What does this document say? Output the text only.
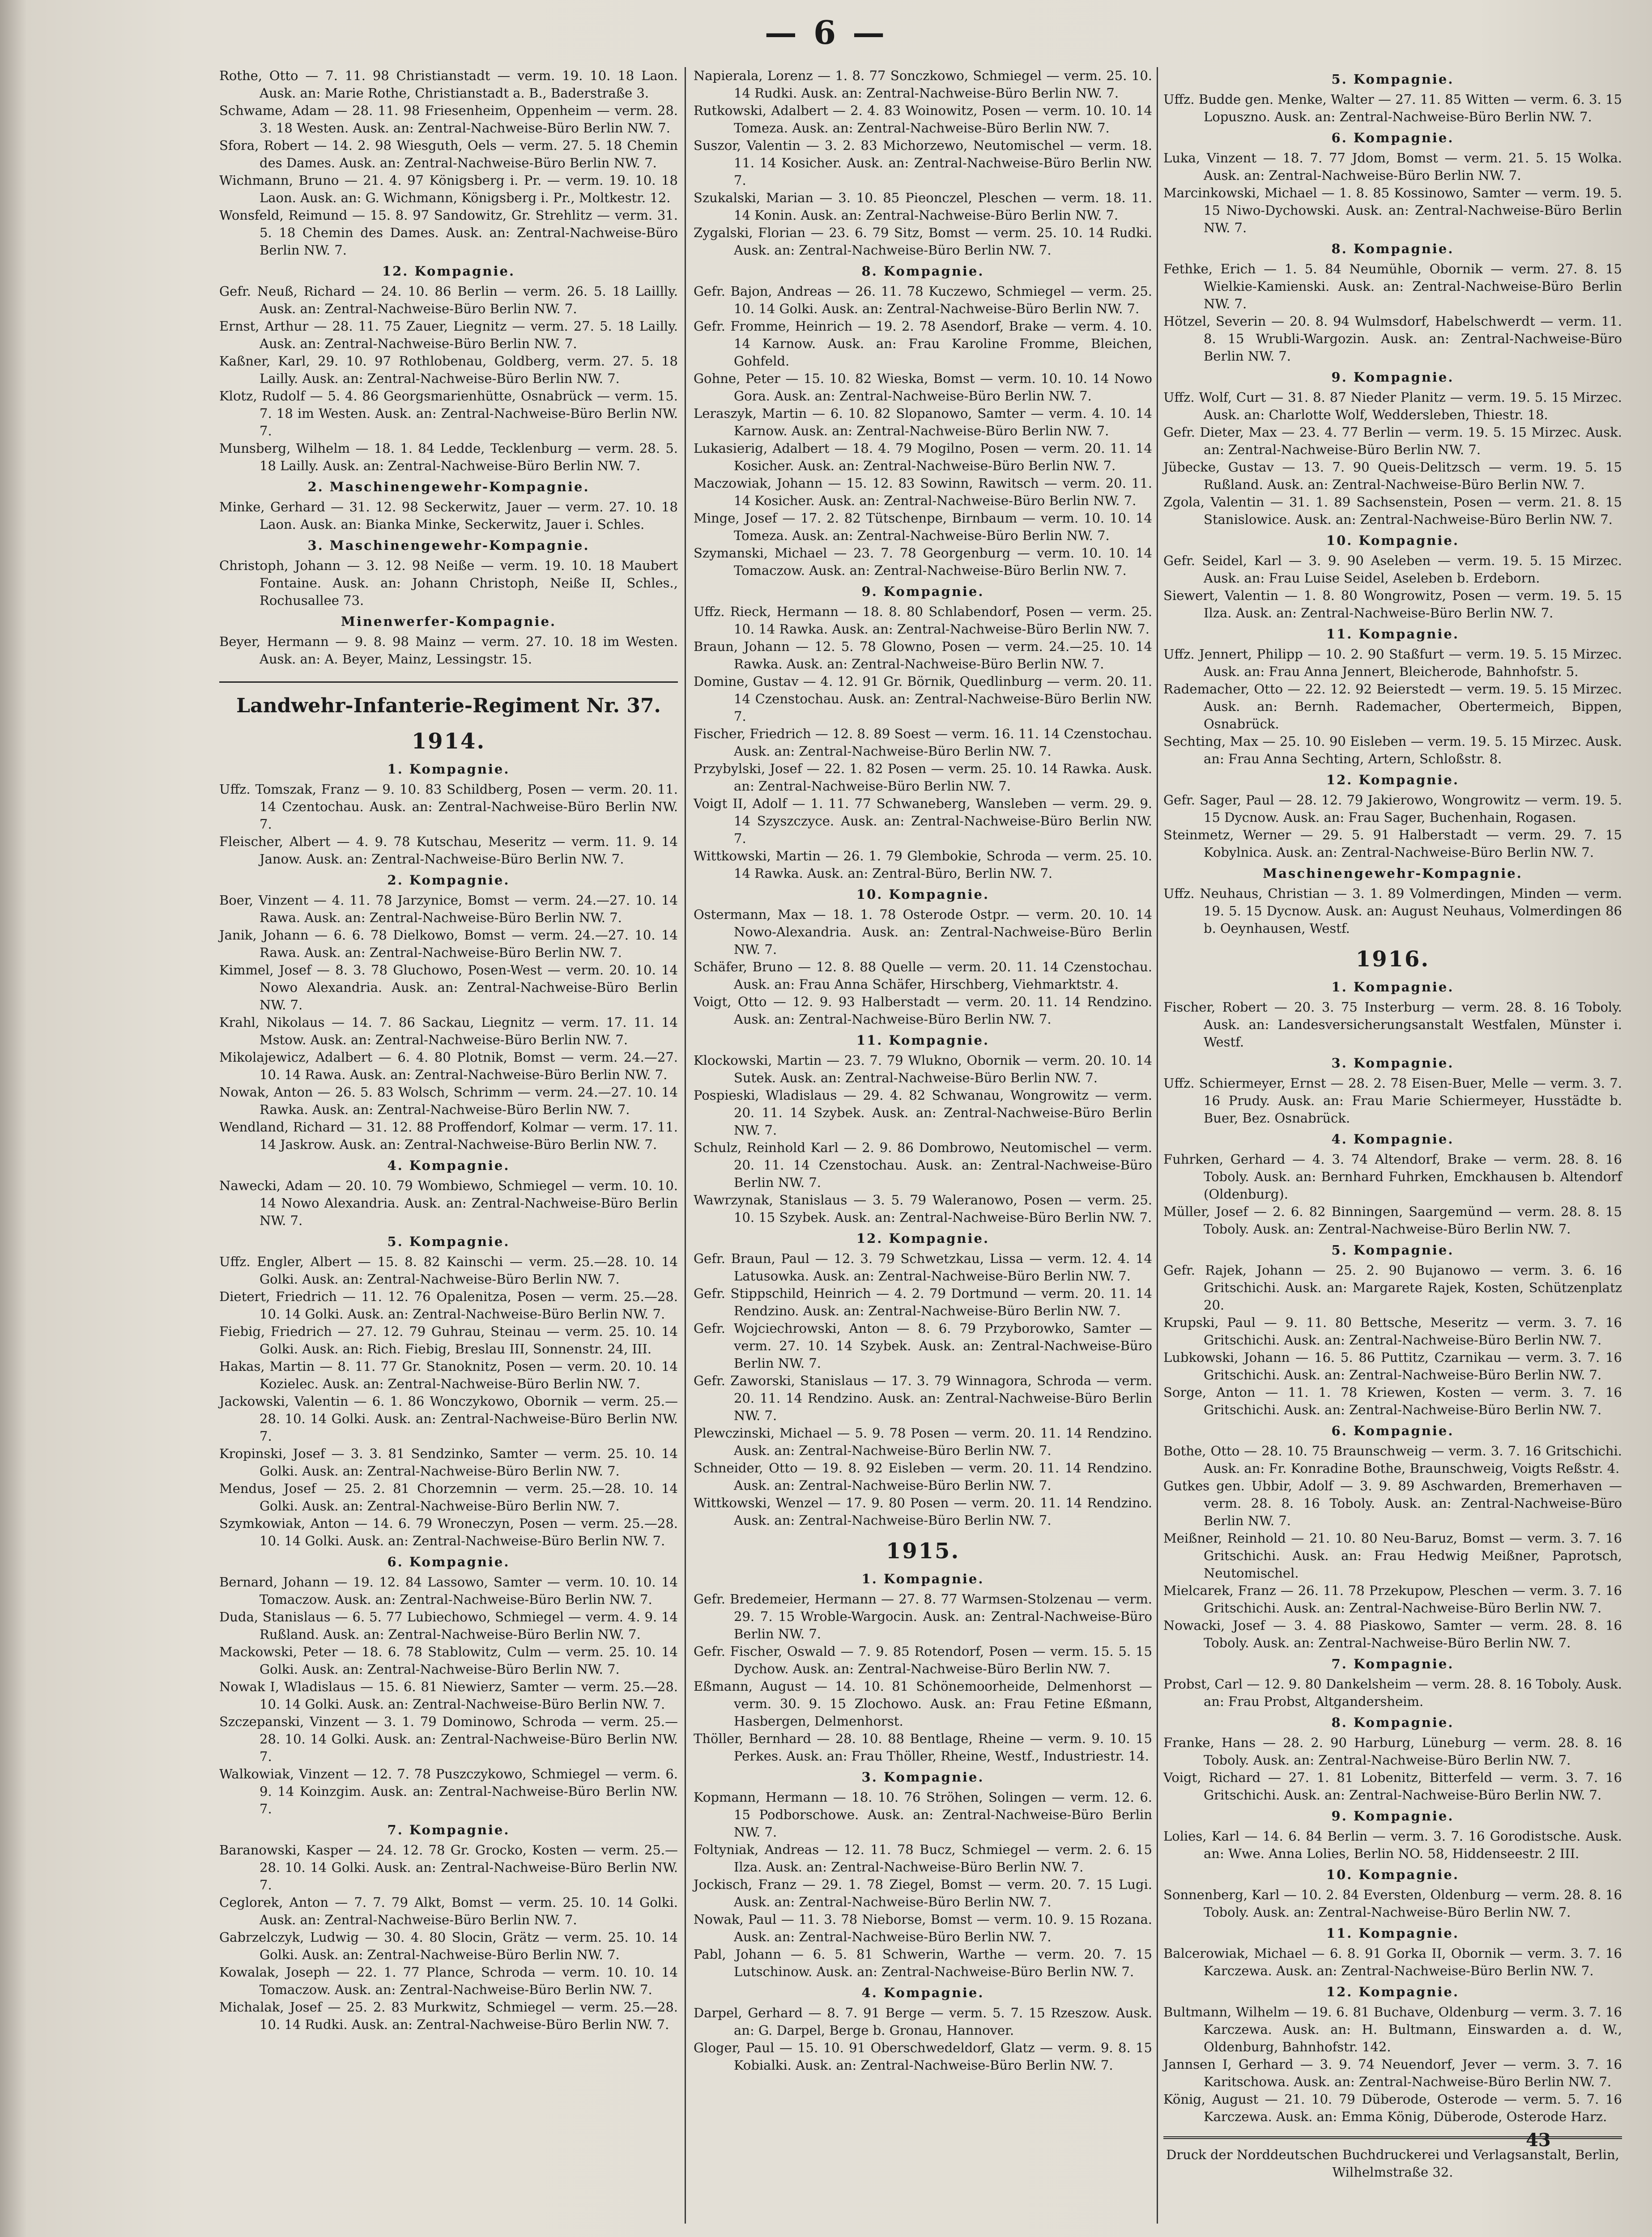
— 6 —

Rothe, Otto — 7. 11. 98 Christianstadt — verm. 19. 10. 18 Laon. Ausk. an: Marie Rothe, Christianstadt a. B., Baderstraße 3.

Schwame, Adam — 28. 11. 98 Friesenheim, Oppenheim — verm. 28. 3. 18 Westen. Ausk. an: Zentral-Nachweise-Büro Berlin NW. 7.

Sfora, Robert — 14. 2. 98 Wiesguth, Oels — verm. 27. 5. 18 Chemin des Dames. Ausk. an: Zentral-Nachweise-Büro Berlin NW. 7.

Wichmann, Bruno — 21. 4. 97 Königsberg i. Pr. — verm. 19. 10. 18 Laon. Ausk. an: G. Wichmann, Königsberg i. Pr., Moltkestr. 12.

Wonsfeld, Reimund — 15. 8. 97 Sandowitz, Gr. Strehlitz — verm. 31. 5. 18 Chemin des Dames. Ausk. an: Zentral-Nachweise-Büro Berlin NW. 7.

12. Kompagnie.

Gefr. Neuß, Richard — 24. 10. 86 Berlin — verm. 26. 5. 18 Laillly. Ausk. an: Zentral-Nachweise-Büro Berlin NW. 7.

Ernst, Arthur — 28. 11. 75 Zauer, Liegnitz — verm. 27. 5. 18 Lailly. Ausk. an: Zentral-Nachweise-Büro Berlin NW. 7.

Kaßner, Karl, 29. 10. 97 Rothlobenau, Goldberg, verm. 27. 5. 18 Lailly. Ausk. an: Zentral-Nachweise-Büro Berlin NW. 7.

Klotz, Rudolf — 5. 4. 86 Georgsmarienhütte, Osnabrück — verm. 15. 7. 18 im Westen. Ausk. an: Zentral-Nachweise-Büro Berlin NW. 7.

Munsberg, Wilhelm — 18. 1. 84 Ledde, Tecklenburg — verm. 28. 5. 18 Lailly. Ausk. an: Zentral-Nachweise-Büro Berlin NW. 7.

2. Maschinengewehr-Kompagnie.

Minke, Gerhard — 31. 12. 98 Seckerwitz, Jauer — verm. 27. 10. 18 Laon. Ausk. an: Bianka Minke, Seckerwitz, Jauer i. Schles.

3. Maschinengewehr-Kompagnie.

Christoph, Johann — 3. 12. 98 Neiße — verm. 19. 10. 18 Maubert Fontaine. Ausk. an: Johann Christoph, Neiße II, Schles., Rochusallee 73.

Minenwerfer-Kompagnie.

Beyer, Hermann — 9. 8. 98 Mainz — verm. 27. 10. 18 im Westen. Ausk. an: A. Beyer, Mainz, Lessingstr. 15.

Landwehr-Infanterie-Regiment Nr. 37.

1914.

1. Kompagnie.

Uffz. Tomszak, Franz — 9. 10. 83 Schildberg, Posen — verm. 20. 11. 14 Czentochau. Ausk. an: Zentral-Nachweise-Büro Berlin NW. 7.

Fleischer, Albert — 4. 9. 78 Kutschau, Meseritz — verm. 11. 9. 14 Janow. Ausk. an: Zentral-Nachweise-Büro Berlin NW. 7.

2. Kompagnie.

Boer, Vinzent — 4. 11. 78 Jarzynice, Bomst — verm. 24.—27. 10. 14 Rawa. Ausk. an: Zentral-Nachweise-Büro Berlin NW. 7.

Janik, Johann — 6. 6. 78 Dielkowo, Bomst — verm. 24.—27. 10. 14 Rawa. Ausk. an: Zentral-Nachweise-Büro Berlin NW. 7.

Kimmel, Josef — 8. 3. 78 Gluchowo, Posen-West — verm. 20. 10. 14 Nowo Alexandria. Ausk. an: Zentral-Nachweise-Büro Berlin NW. 7.

Krahl, Nikolaus — 14. 7. 86 Sackau, Liegnitz — verm. 17. 11. 14 Mstow. Ausk. an: Zentral-Nachweise-Büro Berlin NW. 7.

Mikolajewicz, Adalbert — 6. 4. 80 Plotnik, Bomst — verm. 24.—27. 10. 14 Rawa. Ausk. an: Zentral-Nachweise-Büro Berlin NW. 7.

Nowak, Anton — 26. 5. 83 Wolsch, Schrimm — verm. 24.—27. 10. 14 Rawka. Ausk. an: Zentral-Nachweise-Büro Berlin NW. 7.

Wendland, Richard — 31. 12. 88 Proffendorf, Kolmar — verm. 17. 11. 14 Jaskrow. Ausk. an: Zentral-Nachweise-Büro Berlin NW. 7.

4. Kompagnie.

Nawecki, Adam — 20. 10. 79 Wombiewo, Schmiegel — verm. 10. 10. 14 Nowo Alexandria. Ausk. an: Zentral-Nachweise-Büro Berlin NW. 7.

5. Kompagnie.

Uffz. Engler, Albert — 15. 8. 82 Kainschi — verm. 25.—28. 10. 14 Golki. Ausk. an: Zentral-Nachweise-Büro Berlin NW. 7.

Dietert, Friedrich — 11. 12. 76 Opalenitza, Posen — verm. 25.—28. 10. 14 Golki. Ausk. an: Zentral-Nachweise-Büro Berlin NW. 7.

Fiebig, Friedrich — 27. 12. 79 Guhrau, Steinau — verm. 25. 10. 14 Golki. Ausk. an: Rich. Fiebig, Breslau III, Sonnenstr. 24, III.

Hakas, Martin — 8. 11. 77 Gr. Stanoknitz, Posen — verm. 20. 10. 14 Kozielec. Ausk. an: Zentral-Nachweise-Büro Berlin NW. 7.

Jackowski, Valentin — 6. 1. 86 Wonczykowo, Obornik — verm. 25.—28. 10. 14 Golki. Ausk. an: Zentral-Nachweise-Büro Berlin NW. 7.

Kropinski, Josef — 3. 3. 81 Sendzinko, Samter — verm. 25. 10. 14 Golki. Ausk. an: Zentral-Nachweise-Büro Berlin NW. 7.

Mendus, Josef — 25. 2. 81 Chorzemnin — verm. 25.—28. 10. 14 Golki. Ausk. an: Zentral-Nachweise-Büro Berlin NW. 7.

Szymkowiak, Anton — 14. 6. 79 Wroneczyn, Posen — verm. 25.—28. 10. 14 Golki. Ausk. an: Zentral-Nachweise-Büro Berlin NW. 7.

6. Kompagnie.

Bernard, Johann — 19. 12. 84 Lassowo, Samter — verm. 10. 10. 14 Tomaczow. Ausk. an: Zentral-Nachweise-Büro Berlin NW. 7.

Duda, Stanislaus — 6. 5. 77 Lubiechowo, Schmiegel — verm. 4. 9. 14 Rußland. Ausk. an: Zentral-Nachweise-Büro Berlin NW. 7.

Mackowski, Peter — 18. 6. 78 Stablowitz, Culm — verm. 25. 10. 14 Golki. Ausk. an: Zentral-Nachweise-Büro Berlin NW. 7.

Nowak I, Wladislaus — 15. 6. 81 Niewierz, Samter — verm. 25.—28. 10. 14 Golki. Ausk. an: Zentral-Nachweise-Büro Berlin NW. 7.

Szczepanski, Vinzent — 3. 1. 79 Dominowo, Schroda — verm. 25.—28. 10. 14 Golki. Ausk. an: Zentral-Nachweise-Büro Berlin NW. 7.

Walkowiak, Vinzent — 12. 7. 78 Puszczykowo, Schmiegel — verm. 6. 9. 14 Koinzgim. Ausk. an: Zentral-Nachweise-Büro Berlin NW. 7.

7. Kompagnie.

Baranowski, Kasper — 24. 12. 78 Gr. Grocko, Kosten — verm. 25.—28. 10. 14 Golki. Ausk. an: Zentral-Nachweise-Büro Berlin NW. 7.

Ceglorek, Anton — 7. 7. 79 Alkt, Bomst — verm. 25. 10. 14 Golki. Ausk. an: Zentral-Nachweise-Büro Berlin NW. 7.

Gabrzelczyk, Ludwig — 30. 4. 80 Slocin, Grätz — verm. 25. 10. 14 Golki. Ausk. an: Zentral-Nachweise-Büro Berlin NW. 7.

Kowalak, Joseph — 22. 1. 77 Plance, Schroda — verm. 10. 10. 14 Tomaczow. Ausk. an: Zentral-Nachweise-Büro Berlin NW. 7.

Michalak, Josef — 25. 2. 83 Murkwitz, Schmiegel — verm. 25.—28. 10. 14 Rudki. Ausk. an: Zentral-Nachweise-Büro Berlin NW. 7.

Napierala, Lorenz — 1. 8. 77 Sonczkowo, Schmiegel — verm. 25. 10. 14 Rudki. Ausk. an: Zentral-Nachweise-Büro Berlin NW. 7.

Rutkowski, Adalbert — 2. 4. 83 Woinowitz, Posen — verm. 10. 10. 14 Tomeza. Ausk. an: Zentral-Nachweise-Büro Berlin NW. 7.

Suszor, Valentin — 3. 2. 83 Michorzewo, Neutomischel — verm. 18. 11. 14 Kosicher. Ausk. an: Zentral-Nachweise-Büro Berlin NW. 7.

Szukalski, Marian — 3. 10. 85 Pieonczel, Pleschen — verm. 18. 11. 14 Konin. Ausk. an: Zentral-Nachweise-Büro Berlin NW. 7.

Zygalski, Florian — 23. 6. 79 Sitz, Bomst — verm. 25. 10. 14 Rudki. Ausk. an: Zentral-Nachweise-Büro Berlin NW. 7.

8. Kompagnie.

Gefr. Bajon, Andreas — 26. 11. 78 Kuczewo, Schmiegel — verm. 25. 10. 14 Golki. Ausk. an: Zentral-Nachweise-Büro Berlin NW. 7.

Gefr. Fromme, Heinrich — 19. 2. 78 Asendorf, Brake — verm. 4. 10. 14 Karnow. Ausk. an: Frau Karoline Fromme, Bleichen, Gohfeld.

Gohne, Peter — 15. 10. 82 Wieska, Bomst — verm. 10. 10. 14 Nowo Gora. Ausk. an: Zentral-Nachweise-Büro Berlin NW. 7.

Leraszyk, Martin — 6. 10. 82 Slopanowo, Samter — verm. 4. 10. 14 Karnow. Ausk. an: Zentral-Nachweise-Büro Berlin NW. 7.

Lukasierig, Adalbert — 18. 4. 79 Mogilno, Posen — verm. 20. 11. 14 Kosicher. Ausk. an: Zentral-Nachweise-Büro Berlin NW. 7.

Maczowiak, Johann — 15. 12. 83 Sowinn, Rawitsch — verm. 20. 11. 14 Kosicher. Ausk. an: Zentral-Nachweise-Büro Berlin NW. 7.

Minge, Josef — 17. 2. 82 Tütschenpe, Birnbaum — verm. 10. 10. 14 Tomeza. Ausk. an: Zentral-Nachweise-Büro Berlin NW. 7.

Szymanski, Michael — 23. 7. 78 Georgenburg — verm. 10. 10. 14 Tomaczow. Ausk. an: Zentral-Nachweise-Büro Berlin NW. 7.

9. Kompagnie.

Uffz. Rieck, Hermann — 18. 8. 80 Schlabendorf, Posen — verm. 25. 10. 14 Rawka. Ausk. an: Zentral-Nachweise-Büro Berlin NW. 7.

Braun, Johann — 12. 5. 78 Glowno, Posen — verm. 24.—25. 10. 14 Rawka. Ausk. an: Zentral-Nachweise-Büro Berlin NW. 7.

Domine, Gustav — 4. 12. 91 Gr. Börnik, Quedlinburg — verm. 20. 11. 14 Czenstochau. Ausk. an: Zentral-Nachweise-Büro Berlin NW. 7.

Fischer, Friedrich — 12. 8. 89 Soest — verm. 16. 11. 14 Czenstochau. Ausk. an: Zentral-Nachweise-Büro Berlin NW. 7.

Przybylski, Josef — 22. 1. 82 Posen — verm. 25. 10. 14 Rawka. Ausk. an: Zentral-Nachweise-Büro Berlin NW. 7.

Voigt II, Adolf — 1. 11. 77 Schwaneberg, Wansleben — verm. 29. 9. 14 Szyszczyce. Ausk. an: Zentral-Nachweise-Büro Berlin NW. 7.

Wittkowski, Martin — 26. 1. 79 Glembokie, Schroda — verm. 25. 10. 14 Rawka. Ausk. an: Zentral-Büro, Berlin NW. 7.

10. Kompagnie.

Ostermann, Max — 18. 1. 78 Osterode Ostpr. — verm. 20. 10. 14 Nowo-Alexandria. Ausk. an: Zentral-Nachweise-Büro Berlin NW. 7.

Schäfer, Bruno — 12. 8. 88 Quelle — verm. 20. 11. 14 Czenstochau. Ausk. an: Frau Anna Schäfer, Hirschberg, Viehmarktstr. 4.

Voigt, Otto — 12. 9. 93 Halberstadt — verm. 20. 11. 14 Rendzino. Ausk. an: Zentral-Nachweise-Büro Berlin NW. 7.

11. Kompagnie.

Klockowski, Martin — 23. 7. 79 Wlukno, Obornik — verm. 20. 10. 14 Sutek. Ausk. an: Zentral-Nachweise-Büro Berlin NW. 7.

Pospieski, Wladislaus — 29. 4. 82 Schwanau, Wongrowitz — verm. 20. 11. 14 Szybek. Ausk. an: Zentral-Nachweise-Büro Berlin NW. 7.

Schulz, Reinhold Karl — 2. 9. 86 Dombrowo, Neutomischel — verm. 20. 11. 14 Czenstochau. Ausk. an: Zentral-Nachweise-Büro Berlin NW. 7.

Wawrzynak, Stanislaus — 3. 5. 79 Waleranowo, Posen — verm. 25. 10. 15 Szybek. Ausk. an: Zentral-Nachweise-Büro Berlin NW. 7.

12. Kompagnie.

Gefr. Braun, Paul — 12. 3. 79 Schwetzkau, Lissa — verm. 12. 4. 14 Latusowka. Ausk. an: Zentral-Nachweise-Büro Berlin NW. 7.

Gefr. Stippschild, Heinrich — 4. 2. 79 Dortmund — verm. 20. 11. 14 Rendzino. Ausk. an: Zentral-Nachweise-Büro Berlin NW. 7.

Gefr. Wojciechrowski, Anton — 8. 6. 79 Przyborowko, Samter — verm. 27. 10. 14 Szybek. Ausk. an: Zentral-Nachweise-Büro Berlin NW. 7.

Gefr. Zaworski, Stanislaus — 17. 3. 79 Winnagora, Schroda — verm. 20. 11. 14 Rendzino. Ausk. an: Zentral-Nachweise-Büro Berlin NW. 7.

Plewczinski, Michael — 5. 9. 78 Posen — verm. 20. 11. 14 Rendzino. Ausk. an: Zentral-Nachweise-Büro Berlin NW. 7.

Schneider, Otto — 19. 8. 92 Eisleben — verm. 20. 11. 14 Rendzino. Ausk. an: Zentral-Nachweise-Büro Berlin NW. 7.

Wittkowski, Wenzel — 17. 9. 80 Posen — verm. 20. 11. 14 Rendzino. Ausk. an: Zentral-Nachweise-Büro Berlin NW. 7.

1915.

1. Kompagnie.

Gefr. Bredemeier, Hermann — 27. 8. 77 Warmsen-Stolzenau — verm. 29. 7. 15 Wroble-Wargocin. Ausk. an: Zentral-Nachweise-Büro Berlin NW. 7.

Gefr. Fischer, Oswald — 7. 9. 85 Rotendorf, Posen — verm. 15. 5. 15 Dychow. Ausk. an: Zentral-Nachweise-Büro Berlin NW. 7.

Eßmann, August — 14. 10. 81 Schönemoorheide, Delmenhorst — verm. 30. 9. 15 Zlochowo. Ausk. an: Frau Fetine Eßmann, Hasbergen, Delmenhorst.

Thöller, Bernhard — 28. 10. 88 Bentlage, Rheine — verm. 9. 10. 15 Perkes. Ausk. an: Frau Thöller, Rheine, Westf., Industriestr. 14.

3. Kompagnie.

Kopmann, Hermann — 18. 10. 76 Ströhen, Solingen — verm. 12. 6. 15 Podborschowe. Ausk. an: Zentral-Nachweise-Büro Berlin NW. 7.

Foltyniak, Andreas — 12. 11. 78 Bucz, Schmiegel — verm. 2. 6. 15 Ilza. Ausk. an: Zentral-Nachweise-Büro Berlin NW. 7.

Jockisch, Franz — 29. 1. 78 Ziegel, Bomst — verm. 20. 7. 15 Lugi. Ausk. an: Zentral-Nachweise-Büro Berlin NW. 7.

Nowak, Paul — 11. 3. 78 Nieborse, Bomst — verm. 10. 9. 15 Rozana. Ausk. an: Zentral-Nachweise-Büro Berlin NW. 7.

Pabl, Johann — 6. 5. 81 Schwerin, Warthe — verm. 20. 7. 15 Lutschinow. Ausk. an: Zentral-Nachweise-Büro Berlin NW. 7.

4. Kompagnie.

Darpel, Gerhard — 8. 7. 91 Berge — verm. 5. 7. 15 Rzeszow. Ausk. an: G. Darpel, Berge b. Gronau, Hannover.

Gloger, Paul — 15. 10. 91 Oberschwedeldorf, Glatz — verm. 9. 8. 15 Kobialki. Ausk. an: Zentral-Nachweise-Büro Berlin NW. 7.

5. Kompagnie.

Uffz. Budde gen. Menke, Walter — 27. 11. 85 Witten — verm. 6. 3. 15 Lopuszno. Ausk. an: Zentral-Nachweise-Büro Berlin NW. 7.

6. Kompagnie.

Luka, Vinzent — 18. 7. 77 Jdom, Bomst — verm. 21. 5. 15 Wolka. Ausk. an: Zentral-Nachweise-Büro Berlin NW. 7.

Marcinkowski, Michael — 1. 8. 85 Kossinowo, Samter — verm. 19. 5. 15 Niwo-Dychowski. Ausk. an: Zentral-Nachweise-Büro Berlin NW. 7.

8. Kompagnie.

Fethke, Erich — 1. 5. 84 Neumühle, Obornik — verm. 27. 8. 15 Wielkie-Kamienski. Ausk. an: Zentral-Nachweise-Büro Berlin NW. 7.

Hötzel, Severin — 20. 8. 94 Wulmsdorf, Habelschwerdt — verm. 11. 8. 15 Wrubli-Wargozin. Ausk. an: Zentral-Nachweise-Büro Berlin NW. 7.

9. Kompagnie.

Uffz. Wolf, Curt — 31. 8. 87 Nieder Planitz — verm. 19. 5. 15 Mirzec. Ausk. an: Charlotte Wolf, Weddersleben, Thiestr. 18.

Gefr. Dieter, Max — 23. 4. 77 Berlin — verm. 19. 5. 15 Mirzec. Ausk. an: Zentral-Nachweise-Büro Berlin NW. 7.

Jübecke, Gustav — 13. 7. 90 Queis-Delitzsch — verm. 19. 5. 15 Rußland. Ausk. an: Zentral-Nachweise-Büro Berlin NW. 7.

Zgola, Valentin — 31. 1. 89 Sachsenstein, Posen — verm. 21. 8. 15 Stanislowice. Ausk. an: Zentral-Nachweise-Büro Berlin NW. 7.

10. Kompagnie.

Gefr. Seidel, Karl — 3. 9. 90 Aseleben — verm. 19. 5. 15 Mirzec. Ausk. an: Frau Luise Seidel, Aseleben b. Erdeborn.

Siewert, Valentin — 1. 8. 80 Wongrowitz, Posen — verm. 19. 5. 15 Ilza. Ausk. an: Zentral-Nachweise-Büro Berlin NW. 7.

11. Kompagnie.

Uffz. Jennert, Philipp — 10. 2. 90 Staßfurt — verm. 19. 5. 15 Mirzec. Ausk. an: Frau Anna Jennert, Bleicherode, Bahnhofstr. 5.

Rademacher, Otto — 22. 12. 92 Beierstedt — verm. 19. 5. 15 Mirzec. Ausk. an: Bernh. Rademacher, Obertermeich, Bippen, Osnabrück.

Sechting, Max — 25. 10. 90 Eisleben — verm. 19. 5. 15 Mirzec. Ausk. an: Frau Anna Sechting, Artern, Schloßstr. 8.

12. Kompagnie.

Gefr. Sager, Paul — 28. 12. 79 Jakierowo, Wongrowitz — verm. 19. 5. 15 Dycnow. Ausk. an: Frau Sager, Buchenhain, Rogasen.

Steinmetz, Werner — 29. 5. 91 Halberstadt — verm. 29. 7. 15 Kobylnica. Ausk. an: Zentral-Nachweise-Büro Berlin NW. 7.

Maschinengewehr-Kompagnie.

Uffz. Neuhaus, Christian — 3. 1. 89 Volmerdingen, Minden — verm. 19. 5. 15 Dycnow. Ausk. an: August Neuhaus, Volmerdingen 86 b. Oeynhausen, Westf.

1916.

1. Kompagnie.

Fischer, Robert — 20. 3. 75 Insterburg — verm. 28. 8. 16 Toboly. Ausk. an: Landesversicherungsanstalt Westfalen, Münster i. Westf.

3. Kompagnie.

Uffz. Schiermeyer, Ernst — 28. 2. 78 Eisen-Buer, Melle — verm. 3. 7. 16 Prudy. Ausk. an: Frau Marie Schiermeyer, Husstädte b. Buer, Bez. Osnabrück.

4. Kompagnie.

Fuhrken, Gerhard — 4. 3. 74 Altendorf, Brake — verm. 28. 8. 16 Toboly. Ausk. an: Bernhard Fuhrken, Emckhausen b. Altendorf (Oldenburg).

Müller, Josef — 2. 6. 82 Binningen, Saargemünd — verm. 28. 8. 15 Toboly. Ausk. an: Zentral-Nachweise-Büro Berlin NW. 7.

5. Kompagnie.

Gefr. Rajek, Johann — 25. 2. 90 Bujanowo — verm. 3. 6. 16 Gritschichi. Ausk. an: Margarete Rajek, Kosten, Schützenplatz 20.

Krupski, Paul — 9. 11. 80 Bettsche, Meseritz — verm. 3. 7. 16 Gritschichi. Ausk. an: Zentral-Nachweise-Büro Berlin NW. 7.

Lubkowski, Johann — 16. 5. 86 Puttitz, Czarnikau — verm. 3. 7. 16 Gritschichi. Ausk. an: Zentral-Nachweise-Büro Berlin NW. 7.

Sorge, Anton — 11. 1. 78 Kriewen, Kosten — verm. 3. 7. 16 Gritschichi. Ausk. an: Zentral-Nachweise-Büro Berlin NW. 7.

6. Kompagnie.

Bothe, Otto — 28. 10. 75 Braunschweig — verm. 3. 7. 16 Gritschichi. Ausk. an: Fr. Konradine Bothe, Braunschweig, Voigts Reßstr. 4.

Gutkes gen. Ubbir, Adolf — 3. 9. 89 Aschwarden, Bremerhaven — verm. 28. 8. 16 Toboly. Ausk. an: Zentral-Nachweise-Büro Berlin NW. 7.

Meißner, Reinhold — 21. 10. 80 Neu-Baruz, Bomst — verm. 3. 7. 16 Gritschichi. Ausk. an: Frau Hedwig Meißner, Paprotsch, Neutomischel.

Mielcarek, Franz — 26. 11. 78 Przekupow, Pleschen — verm. 3. 7. 16 Gritschichi. Ausk. an: Zentral-Nachweise-Büro Berlin NW. 7.

Nowacki, Josef — 3. 4. 88 Piaskowo, Samter — verm. 28. 8. 16 Toboly. Ausk. an: Zentral-Nachweise-Büro Berlin NW. 7.

7. Kompagnie.

Probst, Carl — 12. 9. 80 Dankelsheim — verm. 28. 8. 16 Toboly. Ausk. an: Frau Probst, Altgandersheim.

8. Kompagnie.

Franke, Hans — 28. 2. 90 Harburg, Lüneburg — verm. 28. 8. 16 Toboly. Ausk. an: Zentral-Nachweise-Büro Berlin NW. 7.

Voigt, Richard — 27. 1. 81 Lobenitz, Bitterfeld — verm. 3. 7. 16 Gritschichi. Ausk. an: Zentral-Nachweise-Büro Berlin NW. 7.

9. Kompagnie.

Lolies, Karl — 14. 6. 84 Berlin — verm. 3. 7. 16 Gorodistsche. Ausk. an: Wwe. Anna Lolies, Berlin NO. 58, Hiddenseestr. 2 III.

10. Kompagnie.

Sonnenberg, Karl — 10. 2. 84 Eversten, Oldenburg — verm. 28. 8. 16 Toboly. Ausk. an: Zentral-Nachweise-Büro Berlin NW. 7.

11. Kompagnie.

Balcerowiak, Michael — 6. 8. 91 Gorka II, Obornik — verm. 3. 7. 16 Karczewa. Ausk. an: Zentral-Nachweise-Büro Berlin NW. 7.

12. Kompagnie.

Bultmann, Wilhelm — 19. 6. 81 Buchave, Oldenburg — verm. 3. 7. 16 Karczewa. Ausk. an: H. Bultmann, Einswarden a. d. W., Oldenburg, Bahnhofstr. 142.

Jannsen I, Gerhard — 3. 9. 74 Neuendorf, Jever — verm. 3. 7. 16 Karitschowa. Ausk. an: Zentral-Nachweise-Büro Berlin NW. 7.

König, August — 21. 10. 79 Düberode, Osterode — verm. 5. 7. 16 Karczewa. Ausk. an: Emma König, Düberode, Osterode Harz.

Druck der Norddeutschen Buchdruckerei und Verlagsanstalt, Berlin, Wilhelmstraße 32.

43
